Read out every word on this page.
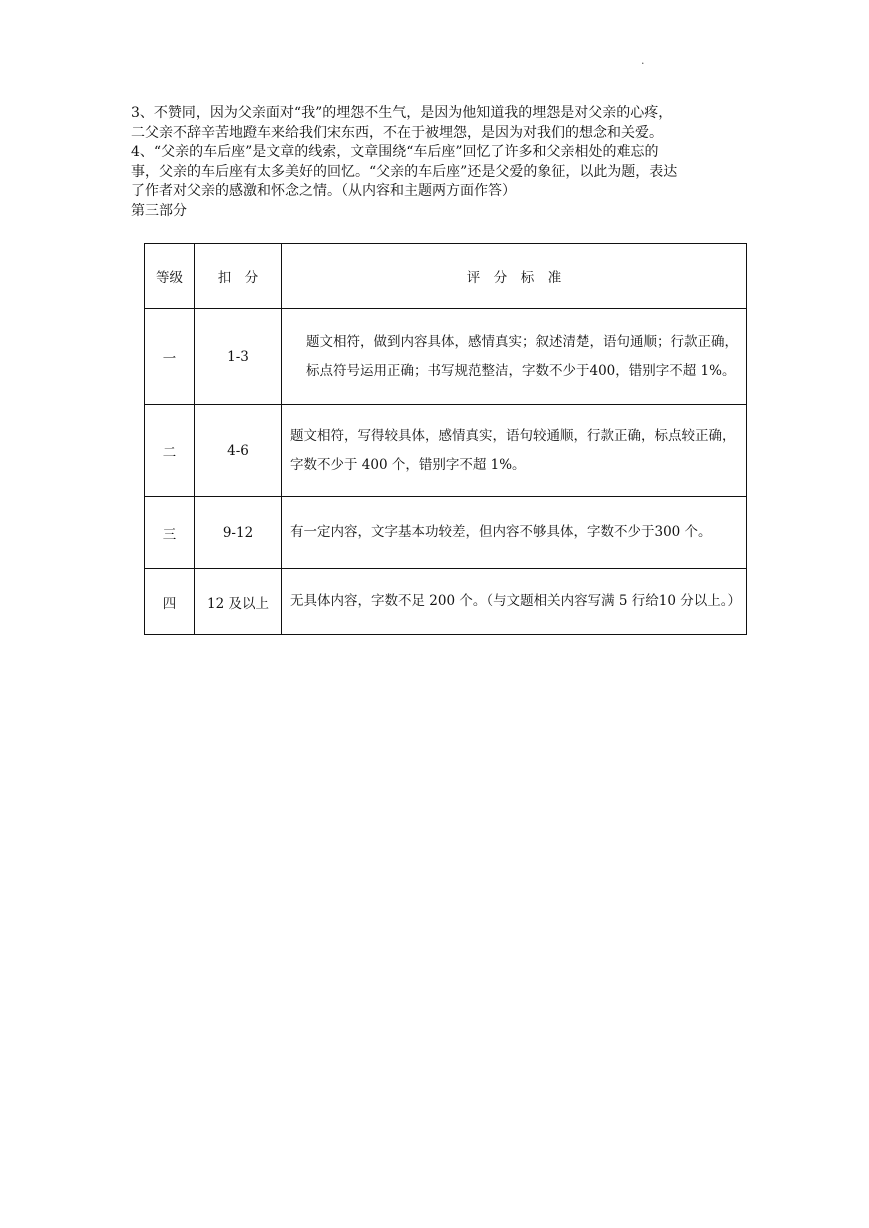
.

3、不赞同，因为父亲面对“我”的埋怨不生气，是因为他知道我的埋怨是对父亲的心疼，

二父亲不辞辛苦地蹬车来给我们宋东西，不在于被埋怨，是因为对我们的想念和关爱。

4、“父亲的车后座”是文章的线索，文章围绕“车后座”回忆了许多和父亲相处的难忘的

事，父亲的车后座有太多美好的回忆。“父亲的车后座”还是父爱的象征，以此为题，表达

了作者对父亲的感激和怀念之情。（从内容和主题两方面作答）

第三部分

等级	扣　分	评　分　标　准
一	1-3	题文相符，做到内容具体，感情真实；叙述清楚，语句通顺；行款正确，标点符号运用正确；书写规范整洁，字数不少于400，错别字不超 1%。
二	4-6	题文相符，写得较具体，感情真实，语句较通顺，行款正确，标点较正确，字数不少于 400 个，错别字不超 1%。
三	9-12	有一定内容，文字基本功较差，但内容不够具体，字数不少于300 个。
四	12 及以上	无具体内容，字数不足 200 个。（与文题相关内容写满 5 行给10 分以上。）
